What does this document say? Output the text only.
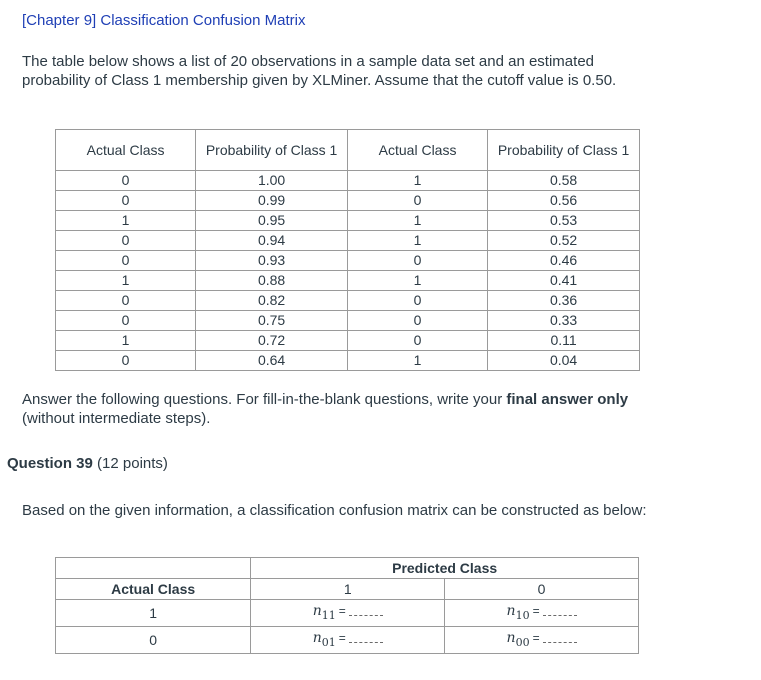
[Chapter 9] Classification Confusion Matrix
The table below shows a list of 20 observations in a sample data set and an estimated probability of Class 1 membership given by XLMiner. Assume that the cutoff value is 0.50.
Actual Class	Probability of Class 1	Actual Class	Probability of Class 1
0	1.00	1	0.58
0	0.99	0	0.56
1	0.95	1	0.53
0	0.94	1	0.52
0	0.93	0	0.46
1	0.88	1	0.41
0	0.82	0	0.36
0	0.75	0	0.33
1	0.72	0	0.11
0	0.64	1	0.04
Answer the following questions. For fill-in-the-blank questions, write your final answer only (without intermediate steps).
Question 39 (12 points)
Based on the given information, a classification confusion matrix can be constructed as below:
	Predicted Class	
Actual Class	1	0
1	$n_{11}$ =	$n_{10}$ =
0	$n_{01}$ =	$n_{00}$ =
